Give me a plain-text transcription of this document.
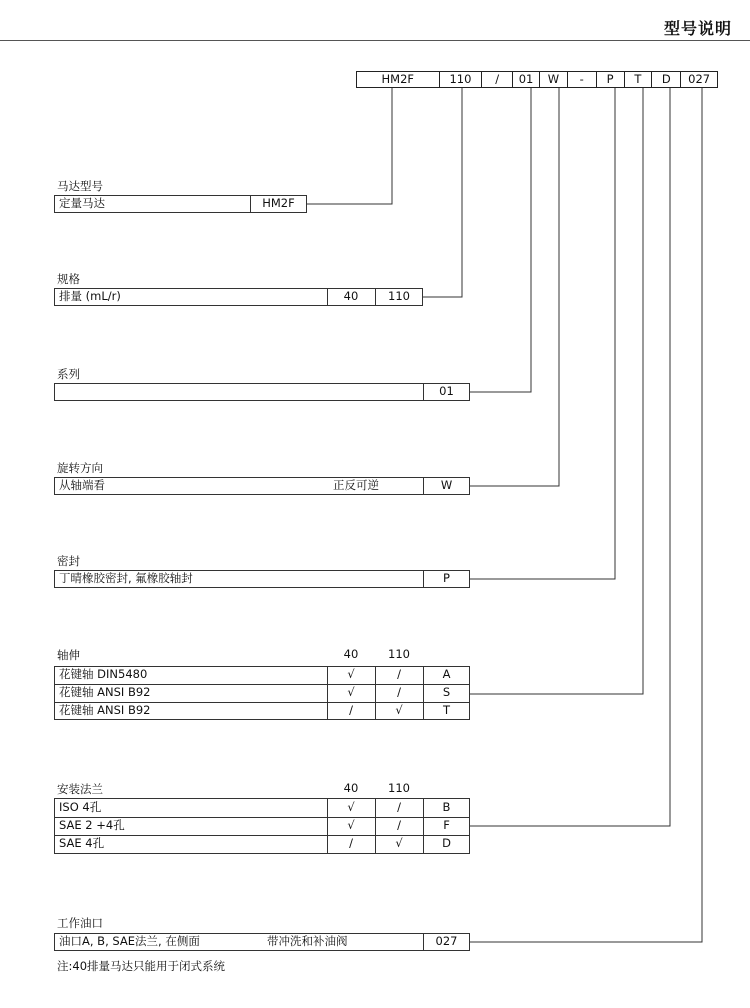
型号说明
HM2F	110	/	01	W	-	P	T	D	027
马达型号
定量马达	HM2F
规格
排量 (mL/r)	40	110
系列
01
旋转方向
从轴端看	正反可逆	W
密封
丁晴橡胶密封, 氟橡胶轴封	P
轴伸	40	110
花键轴 DIN5480	√	/	A
花键轴 ANSI B92	√	/	S
花键轴 ANSI B92	/	√	T
安装法兰	40	110
ISO 4孔	√	/	B
SAE 2 +4孔	√	/	F
SAE 4孔	/	√	D
工作油口
油口A, B, SAE法兰, 在侧面	带冲洗和补油阀	027
注:40排量马达只能用于闭式系统
